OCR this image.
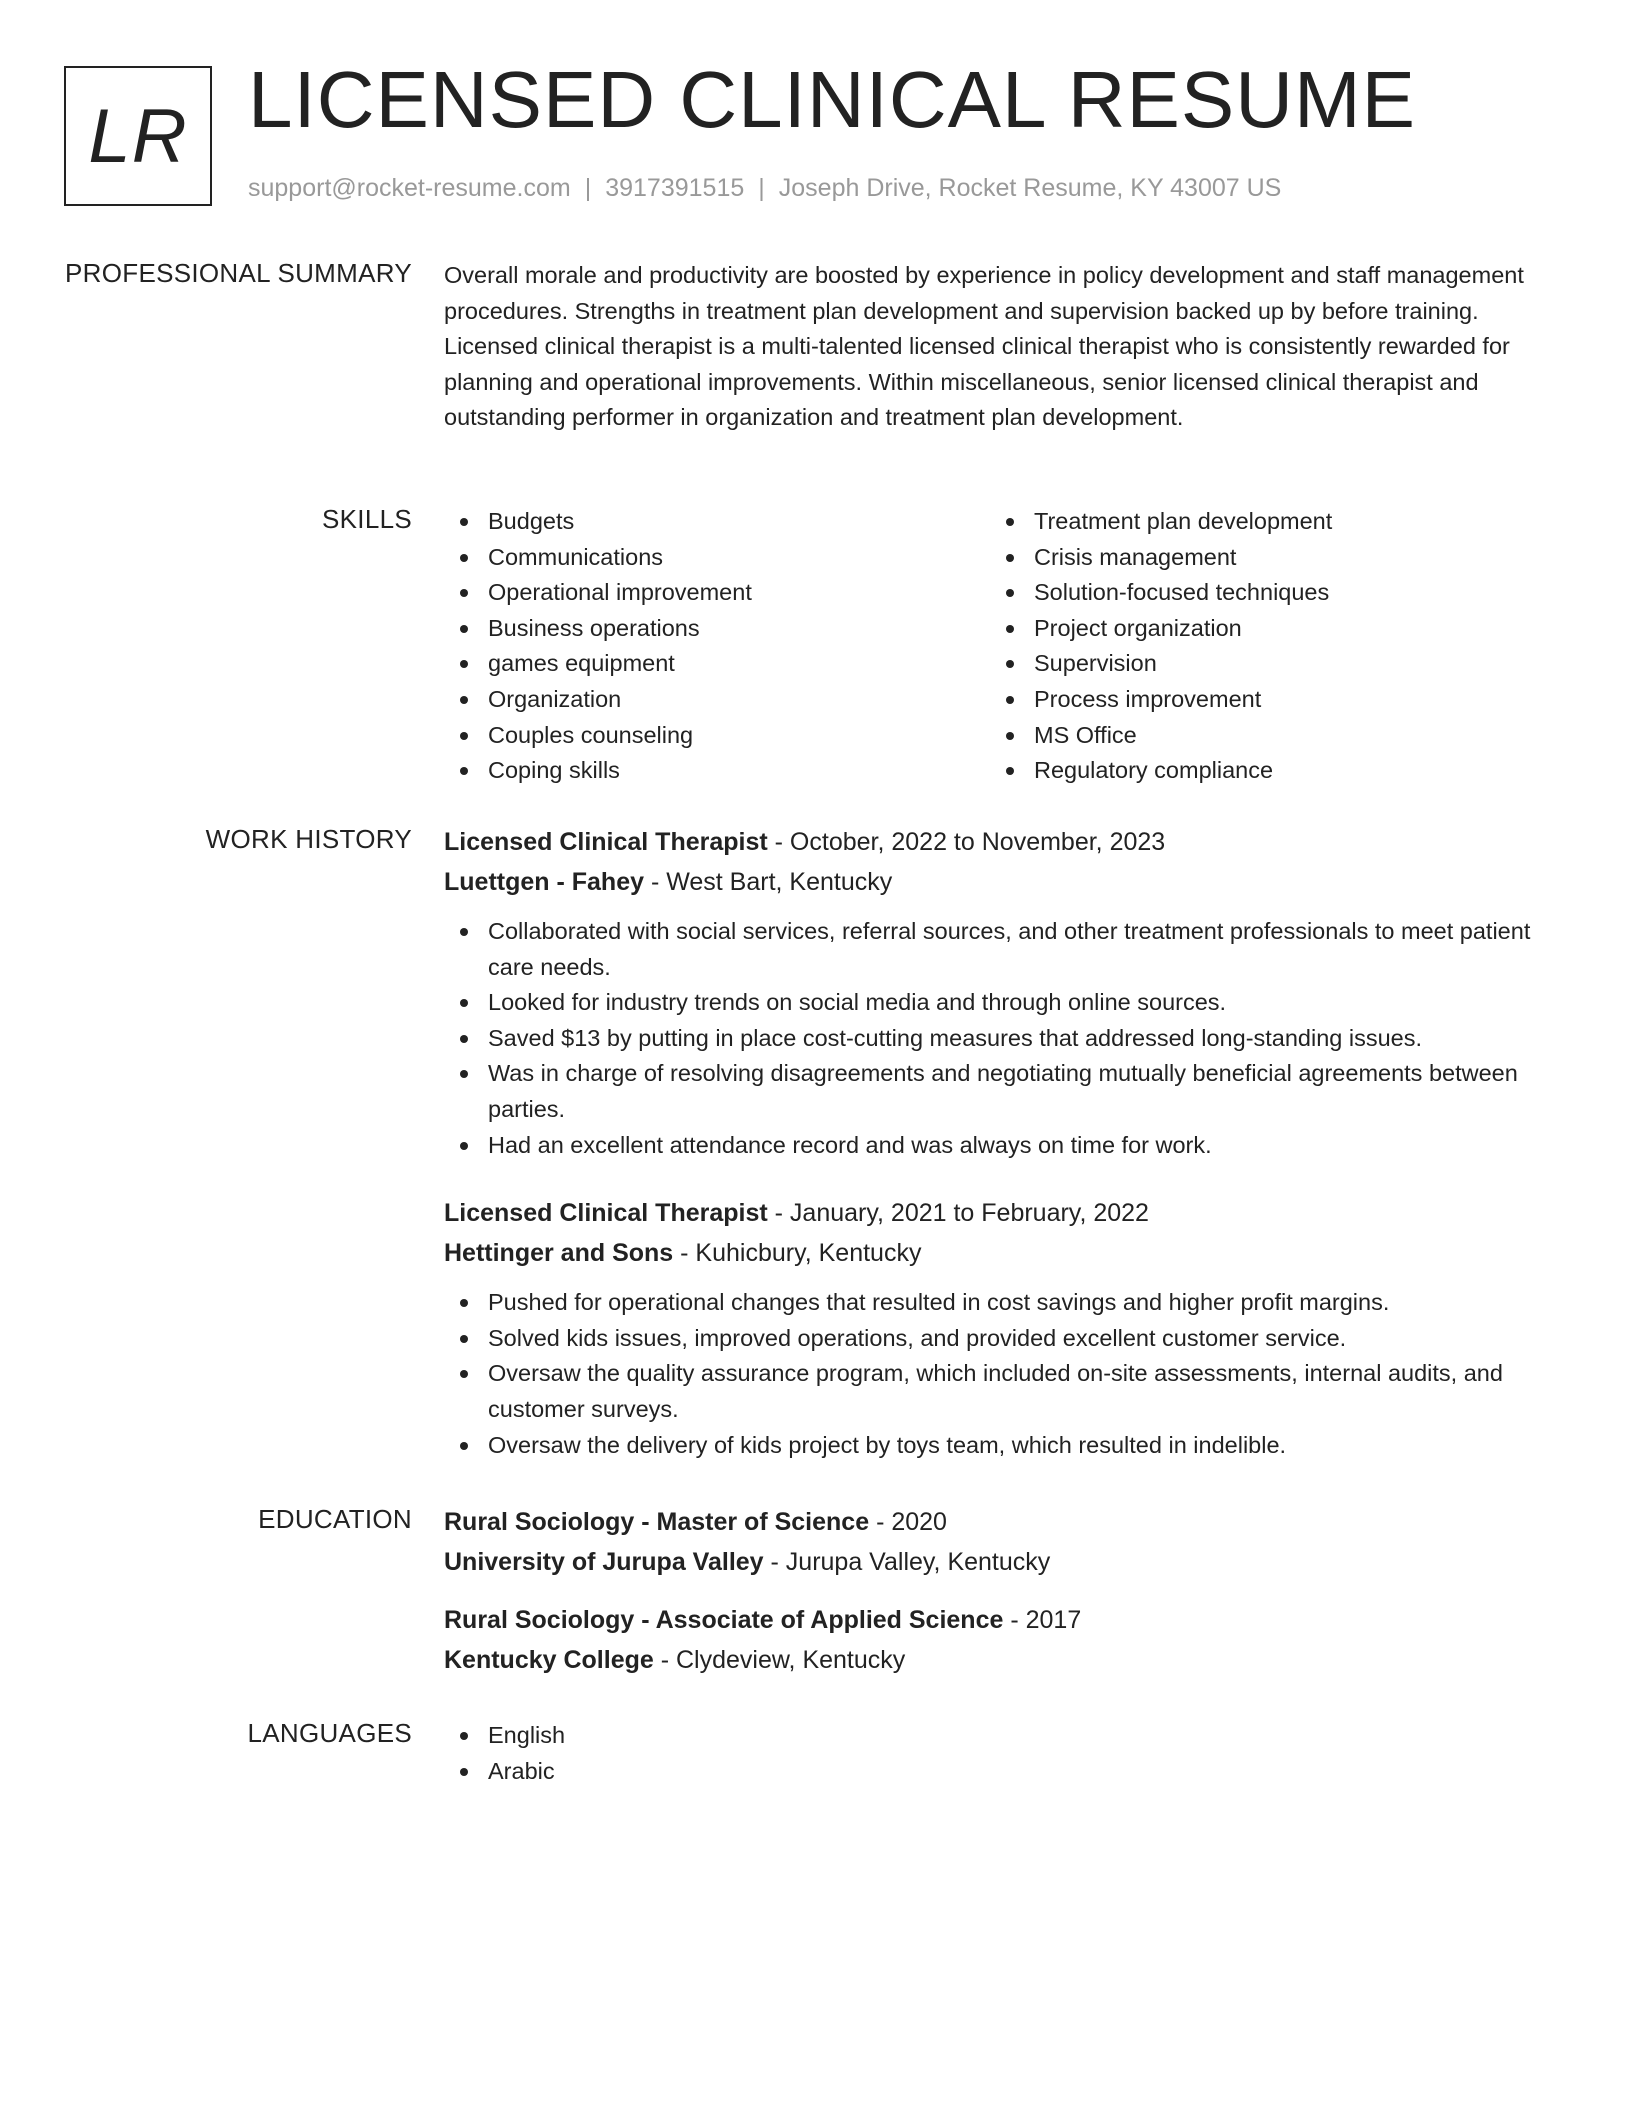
LR LICENSED CLINICAL RESUME
support@rocket-resume.com | 3917391515 | Joseph Drive, Rocket Resume, KY 43007 US
PROFESSIONAL SUMMARY Overall morale and productivity are boosted by experience in policy development and staff management procedures. Strengths in treatment plan development and supervision backed up by before training. Licensed clinical therapist is a multi-talented licensed clinical therapist who is consistently rewarded for planning and operational improvements. Within miscellaneous, senior licensed clinical therapist and outstanding performer in organization and treatment plan development.

SKILLS	Budgets
Communications
Operational improvement
Business operations
games equipment
Organization
Couples counseling
Coping skills
Treatment plan development
Crisis management
Solution-focused techniques
Project organization
Supervision
Process improvement
MS Office
Regulatory compliance
WORK HISTORY Licensed Clinical Therapist - October, 2022 to November, 2023
Luettgen - Fahey - West Bart, Kentucky
Collaborated with social services, referral sources, and other treatment professionals to meet patient care needs.
Looked for industry trends on social media and through online sources.
Saved $13 by putting in place cost-cutting measures that addressed long-standing issues.
Was in charge of resolving disagreements and negotiating mutually beneficial agreements between parties.
Had an excellent attendance record and was always on time for work.
Licensed Clinical Therapist - January, 2021 to February, 2022
Hettinger and Sons - Kuhicbury, Kentucky
Pushed for operational changes that resulted in cost savings and higher profit margins.
Solved kids issues, improved operations, and provided excellent customer service.
Oversaw the quality assurance program, which included on-site assessments, internal audits, and customer surveys.
Oversaw the delivery of kids project by toys team, which resulted in indelible.
EDUCATION Rural Sociology - Master of Science - 2020
University of Jurupa Valley - Jurupa Valley, Kentucky
Rural Sociology - Associate of Applied Science - 2017
Kentucky College - Clydeview, Kentucky
LANGUAGES	English
Arabic
